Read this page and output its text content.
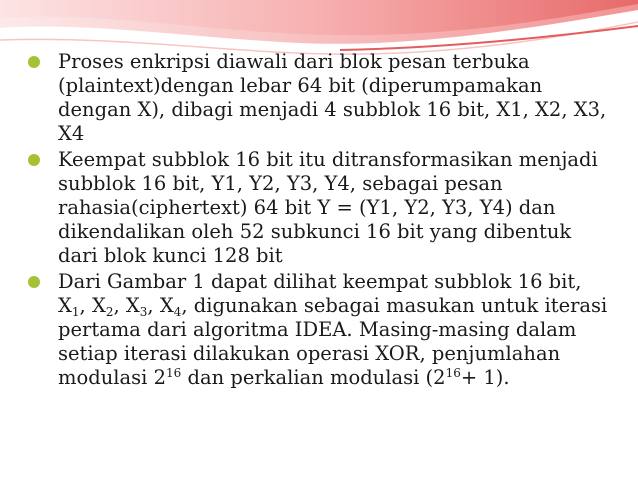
Proses enkripsi diawali dari blok pesan terbuka (plaintext)dengan lebar 64 bit (diperumpamakan dengan X), dibagi menjadi 4 subblok 16 bit, X1, X2, X3, X4
Keempat subblok 16 bit itu ditransformasikan menjadi subblok 16 bit, Y1, Y2, Y3, Y4, sebagai pesan rahasia(ciphertext) 64 bit Y = (Y1, Y2, Y3, Y4) dan dikendalikan oleh 52 subkunci 16 bit yang dibentuk dari blok kunci 128 bit
Dari Gambar 1 dapat dilihat keempat subblok 16 bit,
$X_1$, $X_2$, $X_3$, $X_4$, digunakan sebagai masukan untuk iterasi pertama dari algoritma IDEA. Masing-masing dalam setiap iterasi dilakukan operasi XOR, penjumlahan modulasi $2^{16}$ dan perkalian modulasi $(2^{16}+ 1)$.
